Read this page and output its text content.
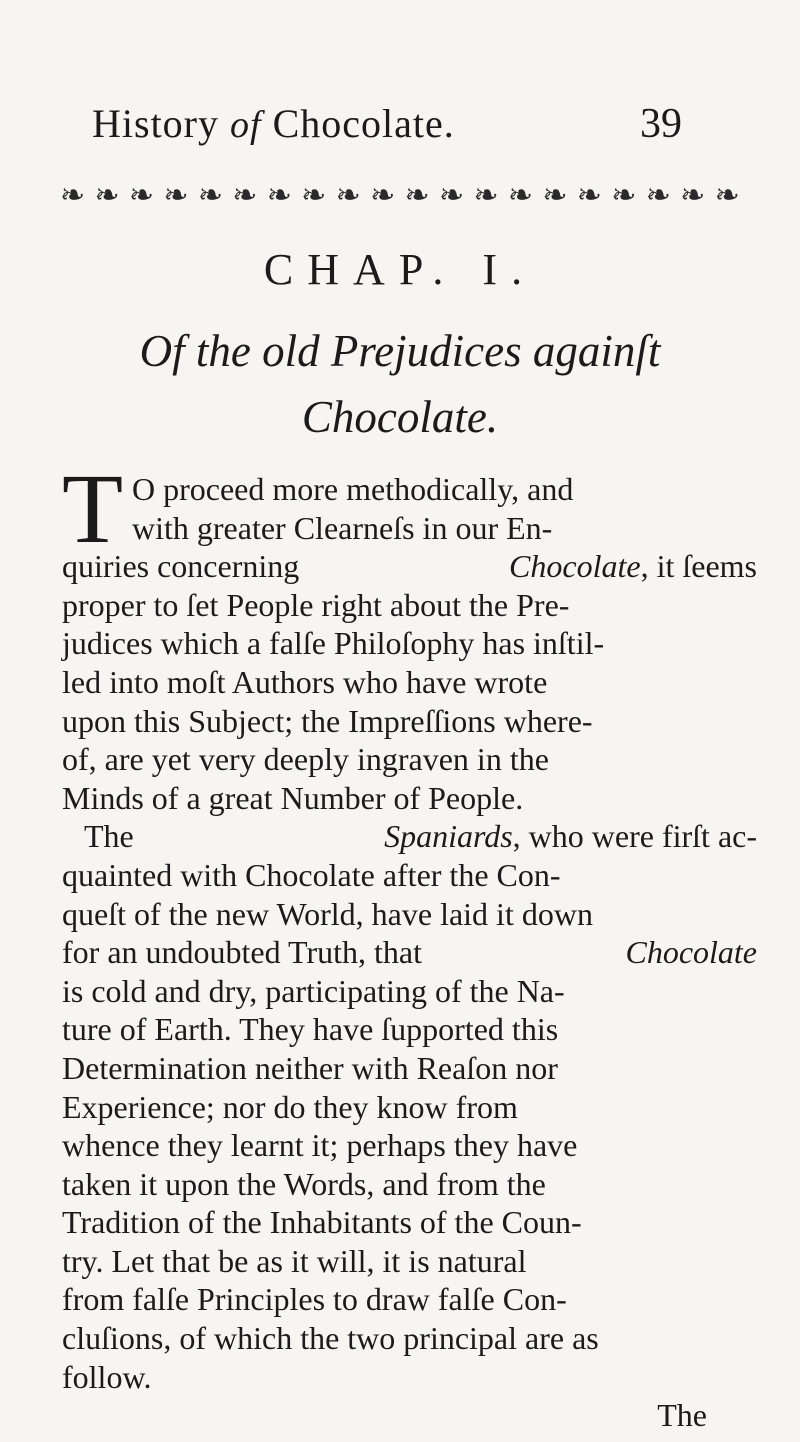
History of Chocolate.	39
❧ ❧ ❧ ❧ ❧ ❧ ❧ ❧ ❧ ❧ ❧ ❧ ❧ ❧ ❧ ❧ ❧ ❧ ❧ ❧
CHAP. I.
Of the old Prejudices againſt
Chocolate.
T O proceed more methodically, and
with greater Clearneſs in our En-
quiries concerning	Chocolate, it ſeems
proper to ſet People right about the Pre-
judices which a falſe Philoſophy has inſtil-
led into moſt Authors who have wrote
upon this Subject; the Impreſſions where-
of, are yet very deeply ingraven in the
Minds of a great Number of People.
The	Spaniards, who were firſt ac-
quainted with Chocolate after the Con-
queſt of the new World, have laid it down
for an undoubted Truth, that	Chocolate
is cold and dry, participating of the Na-
ture of Earth. They have ſupported this
Determination neither with Reaſon nor
Experience; nor do they know from
whence they learnt it; perhaps they have
taken it upon the Words, and from the
Tradition of the Inhabitants of the Coun-
try. Let that be as it will, it is natural
from falſe Principles to draw falſe Con-
cluſions, of which the two principal are as
follow.
The
